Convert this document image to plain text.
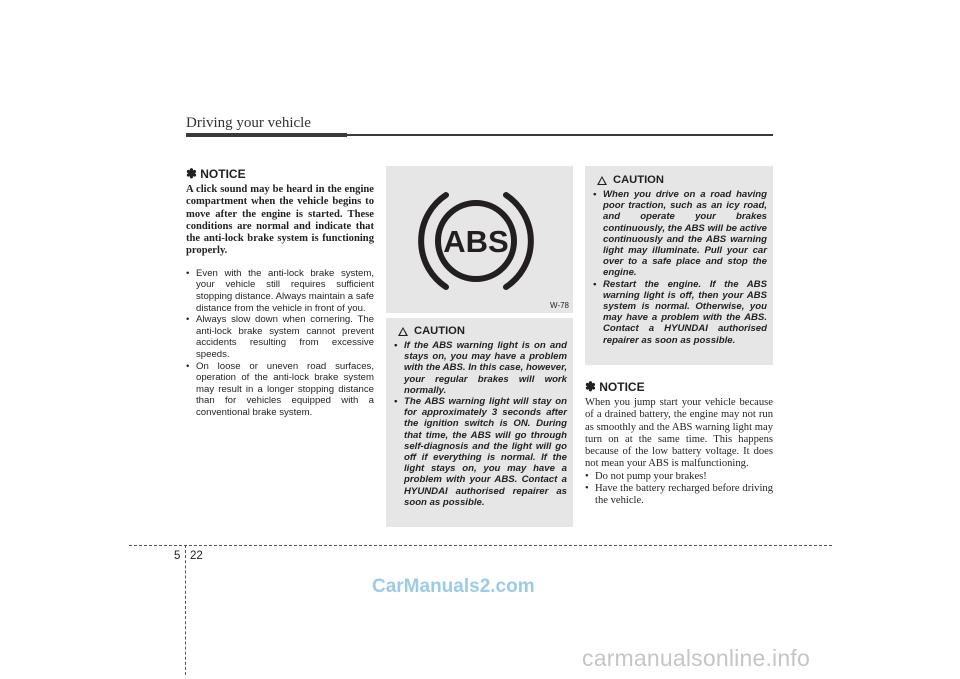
Driving your vehicle
✽ NOTICE
A click sound may be heard in the engine compartment when the vehicle begins to move after the engine is started. These conditions are normal and indicate that the anti-lock brake system is functioning properly.
• Even with the anti-lock brake system, your vehicle still requires sufficient stopping distance. Always maintain a safe distance from the vehicle in front of you.
• Always slow down when cornering. The anti-lock brake system cannot prevent accidents resulting from excessive speeds.
• On loose or uneven road surfaces, operation of the anti-lock brake system may result in a longer stopping distance than for vehicles equipped with a conventional brake system.
ABS
W-78
CAUTION
• If the ABS warning light is on and stays on, you may have a problem with the ABS. In this case, however, your regular brakes will work normally.
• The ABS warning light will stay on for approximately 3 seconds after the ignition switch is ON. During that time, the ABS will go through self-diagnosis and the light will go off if everything is normal. If the light stays on, you may have a problem with your ABS. Contact a HYUNDAI authorised repairer as soon as possible.
CAUTION
• When you drive on a road having poor traction, such as an icy road, and operate your brakes continuously, the ABS will be active continuously and the ABS warning light may illuminate. Pull your car over to a safe place and stop the engine.
• Restart the engine. If the ABS warning light is off, then your ABS system is normal. Otherwise, you may have a problem with the ABS. Contact a HYUNDAI authorised repairer as soon as possible.
✽ NOTICE
When you jump start your vehicle because of a drained battery, the engine may not run as smoothly and the ABS warning light may turn on at the same time. This happens because of the low battery voltage. It does not mean your ABS is malfunctioning.
• Do not pump your brakes!
• Have the battery recharged before driving the vehicle.
5 22
CarManuals2.com
carmanualsonline.info
